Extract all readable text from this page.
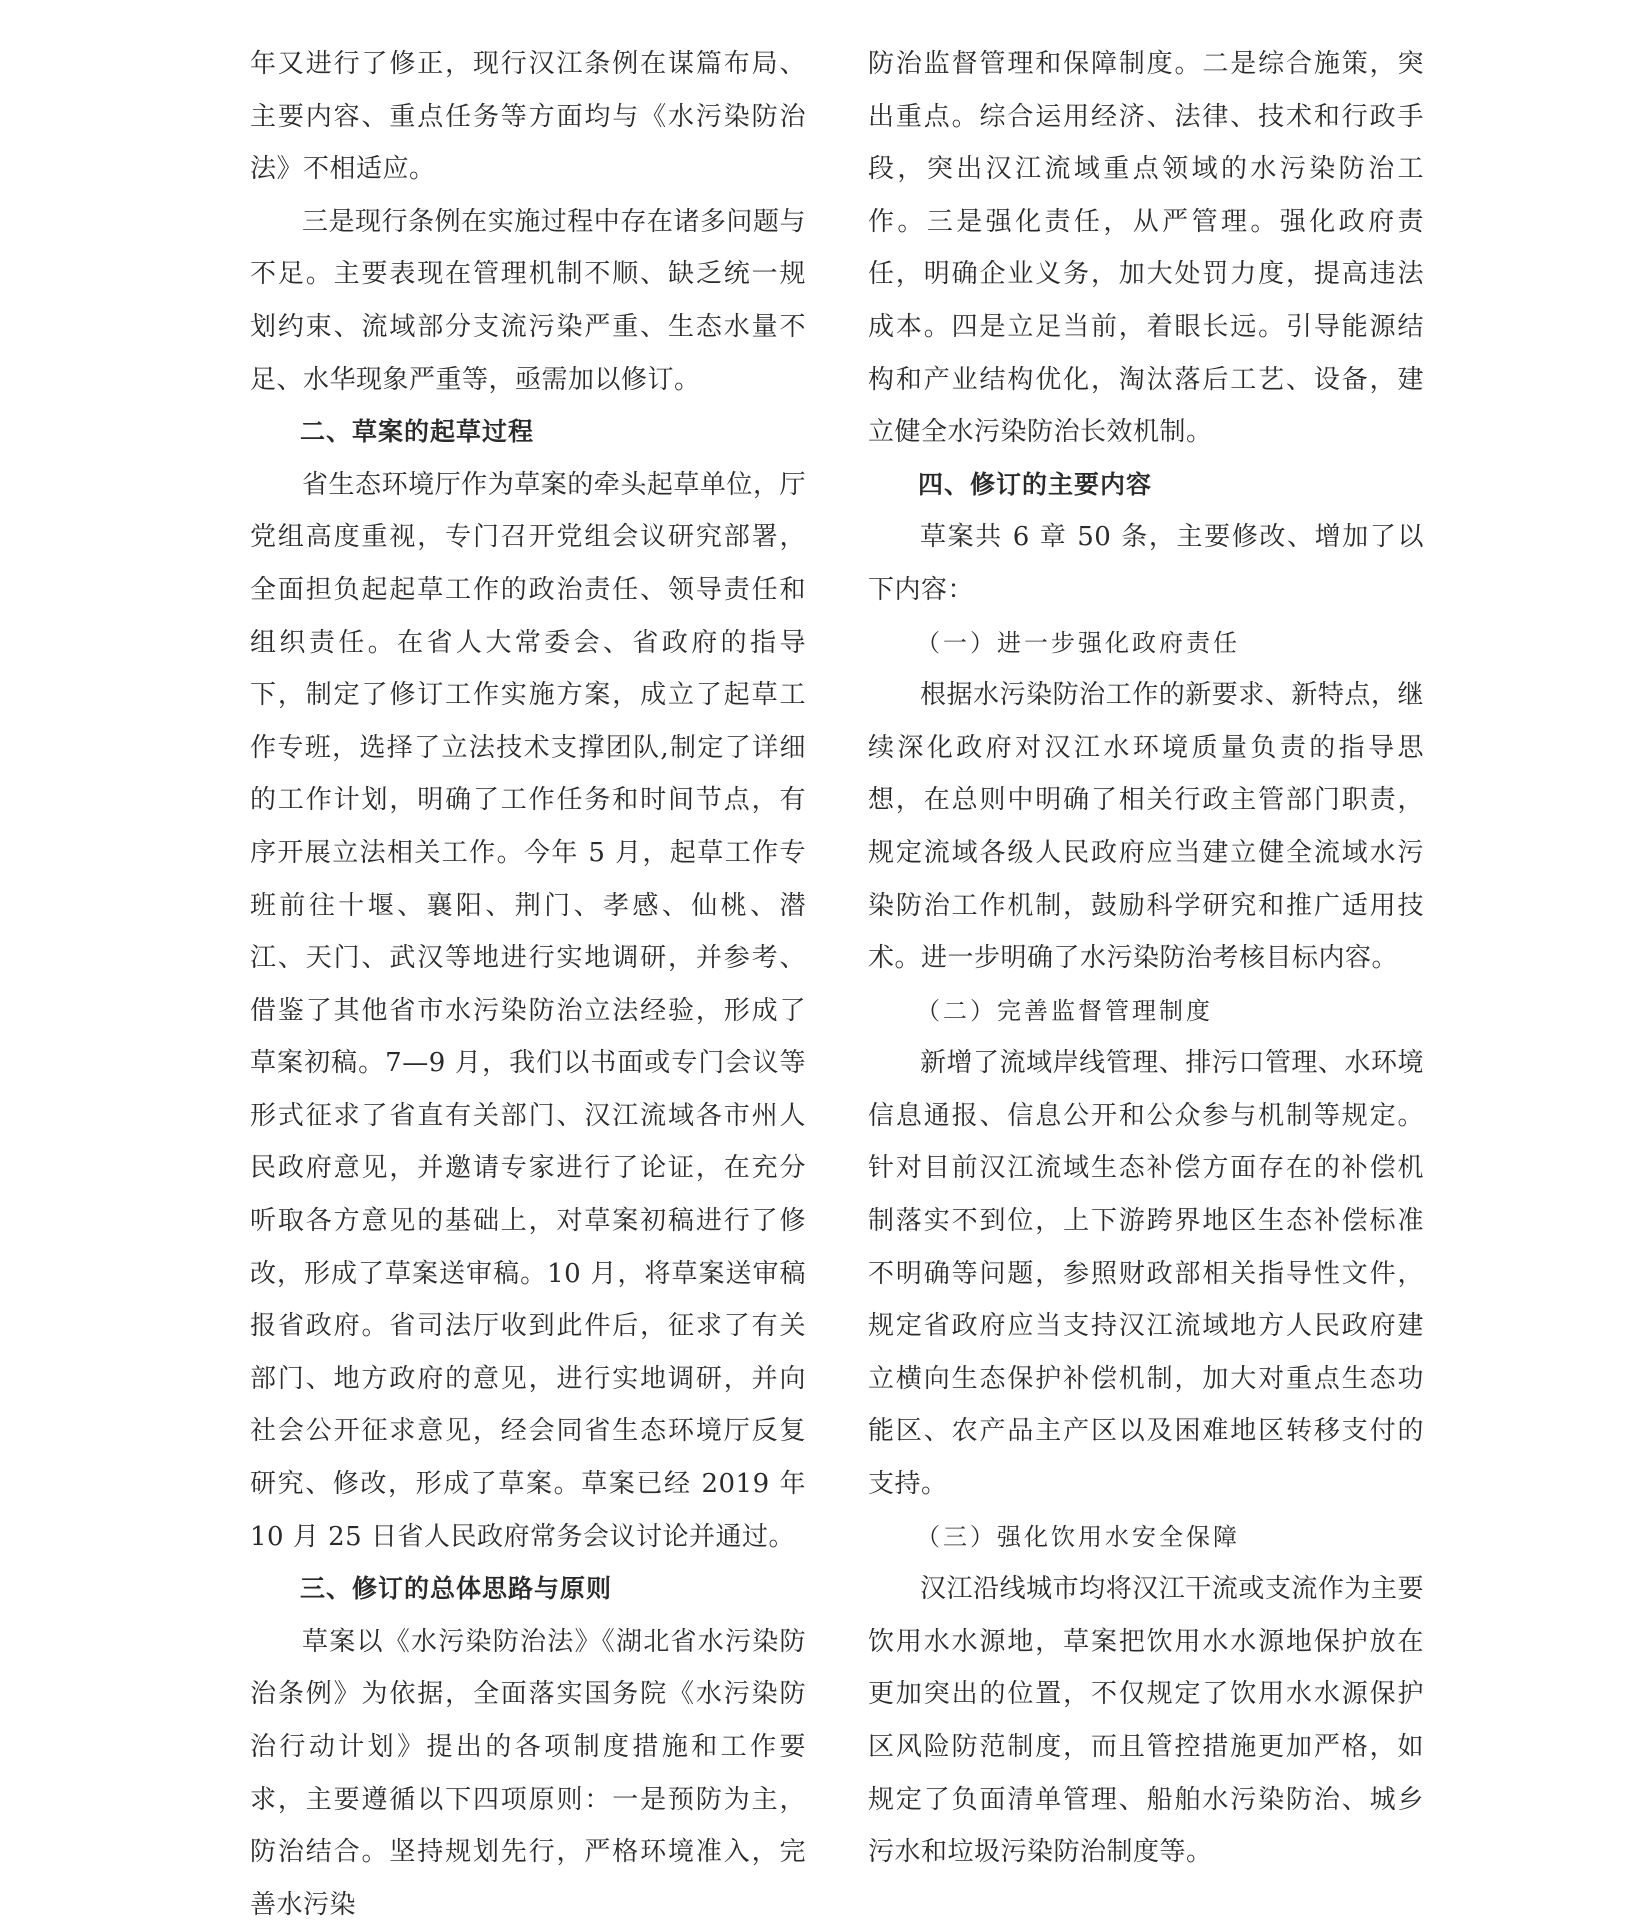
年又进行了修正，现行汉江条例在谋篇布局、主要内容、重点任务等方面均与《水污染防治法》不相适应。

三是现行条例在实施过程中存在诸多问题与不足。主要表现在管理机制不顺、缺乏统一规划约束、流域部分支流污染严重、生态水量不足、水华现象严重等，亟需加以修订。

二、草案的起草过程

省生态环境厅作为草案的牵头起草单位，厅党组高度重视，专门召开党组会议研究部署，全面担负起起草工作的政治责任、领导责任和组织责任。在省人大常委会、省政府的指导下，制定了修订工作实施方案，成立了起草工作专班，选择了立法技术支撑团队,制定了详细的工作计划，明确了工作任务和时间节点，有序开展立法相关工作。今年 5 月，起草工作专班前往十堰、襄阳、荆门、孝感、仙桃、潜江、天门、武汉等地进行实地调研，并参考、借鉴了其他省市水污染防治立法经验，形成了草案初稿。7—9 月，我们以书面或专门会议等形式征求了省直有关部门、汉江流域各市州人民政府意见，并邀请专家进行了论证，在充分听取各方意见的基础上，对草案初稿进行了修改，形成了草案送审稿。10 月，将草案送审稿报省政府。省司法厅收到此件后，征求了有关部门、地方政府的意见，进行实地调研，并向社会公开征求意见，经会同省生态环境厅反复研究、修改，形成了草案。草案已经 2019 年 10 月 25 日省人民政府常务会议讨论并通过。

三、修订的总体思路与原则

草案以《水污染防治法》《湖北省水污染防治条例》为依据，全面落实国务院《水污染防治行动计划》提出的各项制度措施和工作要求，主要遵循以下四项原则：一是预防为主，防治结合。坚持规划先行，严格环境准入，完善水污染

防治监督管理和保障制度。二是综合施策，突出重点。综合运用经济、法律、技术和行政手段，突出汉江流域重点领域的水污染防治工作。三是强化责任，从严管理。强化政府责任，明确企业义务，加大处罚力度，提高违法成本。四是立足当前，着眼长远。引导能源结构和产业结构优化，淘汰落后工艺、设备，建立健全水污染防治长效机制。

四、修订的主要内容

草案共 6 章 50 条，主要修改、增加了以下内容：

（一）进一步强化政府责任

根据水污染防治工作的新要求、新特点，继续深化政府对汉江水环境质量负责的指导思想，在总则中明确了相关行政主管部门职责，规定流域各级人民政府应当建立健全流域水污染防治工作机制，鼓励科学研究和推广适用技术。进一步明确了水污染防治考核目标内容。

（二）完善监督管理制度

新增了流域岸线管理、排污口管理、水环境信息通报、信息公开和公众参与机制等规定。针对目前汉江流域生态补偿方面存在的补偿机制落实不到位，上下游跨界地区生态补偿标准不明确等问题，参照财政部相关指导性文件，规定省政府应当支持汉江流域地方人民政府建立横向生态保护补偿机制，加大对重点生态功能区、农产品主产区以及困难地区转移支付的支持。

（三）强化饮用水安全保障

汉江沿线城市均将汉江干流或支流作为主要饮用水水源地，草案把饮用水水源地保护放在更加突出的位置，不仅规定了饮用水水源保护区风险防范制度，而且管控措施更加严格，如规定了负面清单管理、船舶水污染防治、城乡污水和垃圾污染防治制度等。
